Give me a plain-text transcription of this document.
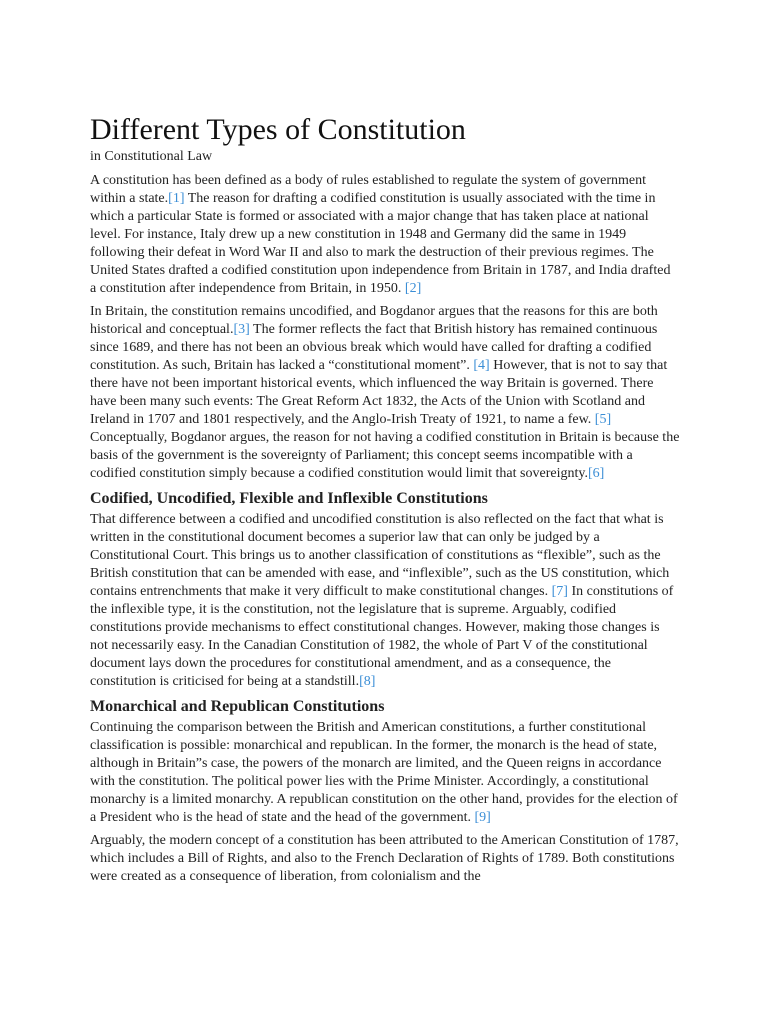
Different Types of Constitution
in Constitutional Law

A constitution has been defined as a body of rules established to regulate the system of government within a state.[1] The reason for drafting a codified constitution is usually associated with the time in which a particular State is formed or associated with a major change that has taken place at national level. For instance, Italy drew up a new constitution in 1948 and Germany did the same in 1949 following their defeat in Word War II and also to mark the destruction of their previous regimes. The United States drafted a codified constitution upon independence from Britain in 1787, and India drafted a constitution after independence from Britain, in 1950. [2]

In Britain, the constitution remains uncodified, and Bogdanor argues that the reasons for this are both historical and conceptual.[3] The former reflects the fact that British history has remained continuous since 1689, and there has not been an obvious break which would have called for drafting a codified constitution. As such, Britain has lacked a “constitutional moment”. [4] However, that is not to say that there have not been important historical events, which influenced the way Britain is governed. There have been many such events: The Great Reform Act 1832, the Acts of the Union with Scotland and Ireland in 1707 and 1801 respectively, and the Anglo-Irish Treaty of 1921, to name a few. [5] Conceptually, Bogdanor argues, the reason for not having a codified constitution in Britain is because the basis of the government is the sovereignty of Parliament; this concept seems incompatible with a codified constitution simply because a codified constitution would limit that sovereignty.[6]

Codified, Uncodified, Flexible and Inflexible Constitutions

That difference between a codified and uncodified constitution is also reflected on the fact that what is written in the constitutional document becomes a superior law that can only be judged by a Constitutional Court. This brings us to another classification of constitutions as “flexible”, such as the British constitution that can be amended with ease, and “inflexible”, such as the US constitution, which contains entrenchments that make it very difficult to make constitutional changes. [7] In constitutions of the inflexible type, it is the constitution, not the legislature that is supreme. Arguably, codified constitutions provide mechanisms to effect constitutional changes. However, making those changes is not necessarily easy. In the Canadian Constitution of 1982, the whole of Part V of the constitutional document lays down the procedures for constitutional amendment, and as a consequence, the constitution is criticised for being at a standstill.[8]

Monarchical and Republican Constitutions

Continuing the comparison between the British and American constitutions, a further constitutional classification is possible: monarchical and republican. In the former, the monarch is the head of state, although in Britain”s case, the powers of the monarch are limited, and the Queen reigns in accordance with the constitution. The political power lies with the Prime Minister. Accordingly, a constitutional monarchy is a limited monarchy. A republican constitution on the other hand, provides for the election of a President who is the head of state and the head of the government. [9]

Arguably, the modern concept of a constitution has been attributed to the American Constitution of 1787, which includes a Bill of Rights, and also to the French Declaration of Rights of 1789. Both constitutions were created as a consequence of liberation, from colonialism and the
